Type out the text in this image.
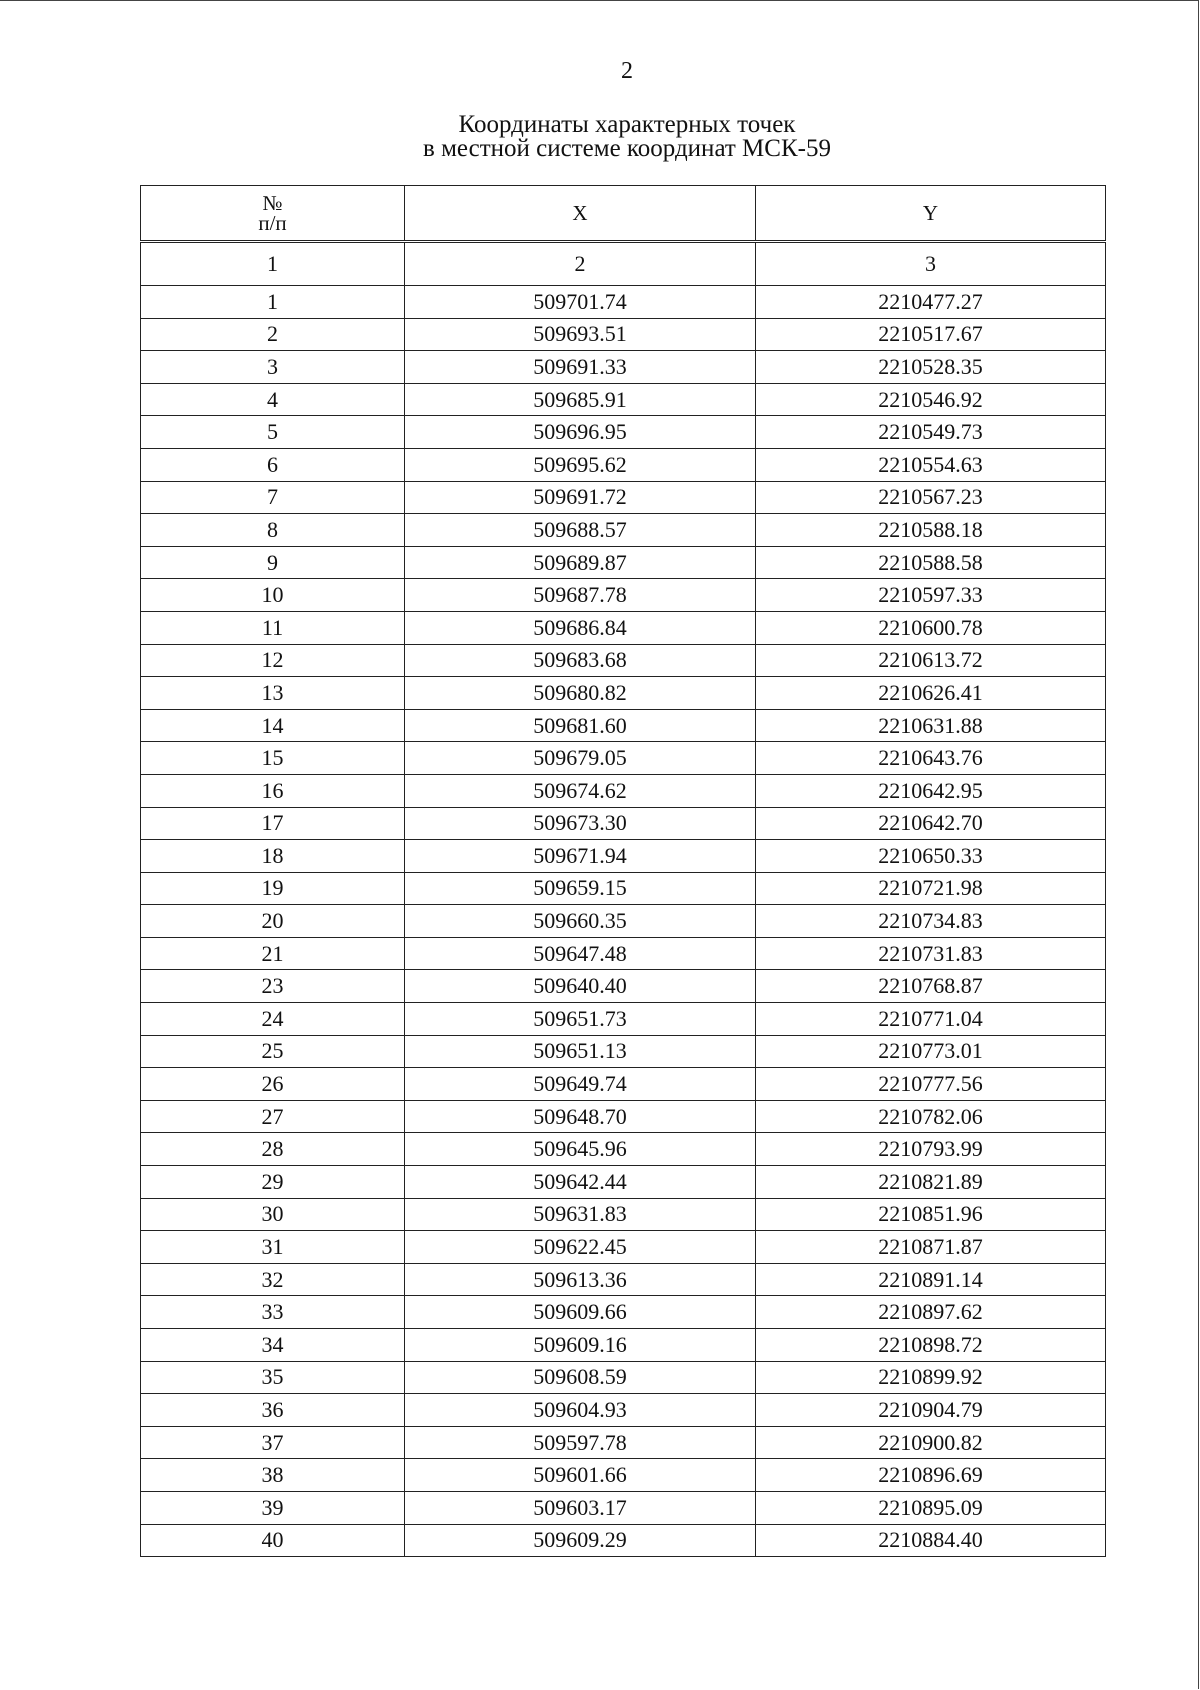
2
Координаты характерных точек
в местной системе координат МСК-59
№
п/п	X	Y
1	2	3
1	509701.74	2210477.27
2	509693.51	2210517.67
3	509691.33	2210528.35
4	509685.91	2210546.92
5	509696.95	2210549.73
6	509695.62	2210554.63
7	509691.72	2210567.23
8	509688.57	2210588.18
9	509689.87	2210588.58
10	509687.78	2210597.33
11	509686.84	2210600.78
12	509683.68	2210613.72
13	509680.82	2210626.41
14	509681.60	2210631.88
15	509679.05	2210643.76
16	509674.62	2210642.95
17	509673.30	2210642.70
18	509671.94	2210650.33
19	509659.15	2210721.98
20	509660.35	2210734.83
21	509647.48	2210731.83
23	509640.40	2210768.87
24	509651.73	2210771.04
25	509651.13	2210773.01
26	509649.74	2210777.56
27	509648.70	2210782.06
28	509645.96	2210793.99
29	509642.44	2210821.89
30	509631.83	2210851.96
31	509622.45	2210871.87
32	509613.36	2210891.14
33	509609.66	2210897.62
34	509609.16	2210898.72
35	509608.59	2210899.92
36	509604.93	2210904.79
37	509597.78	2210900.82
38	509601.66	2210896.69
39	509603.17	2210895.09
40	509609.29	2210884.40
